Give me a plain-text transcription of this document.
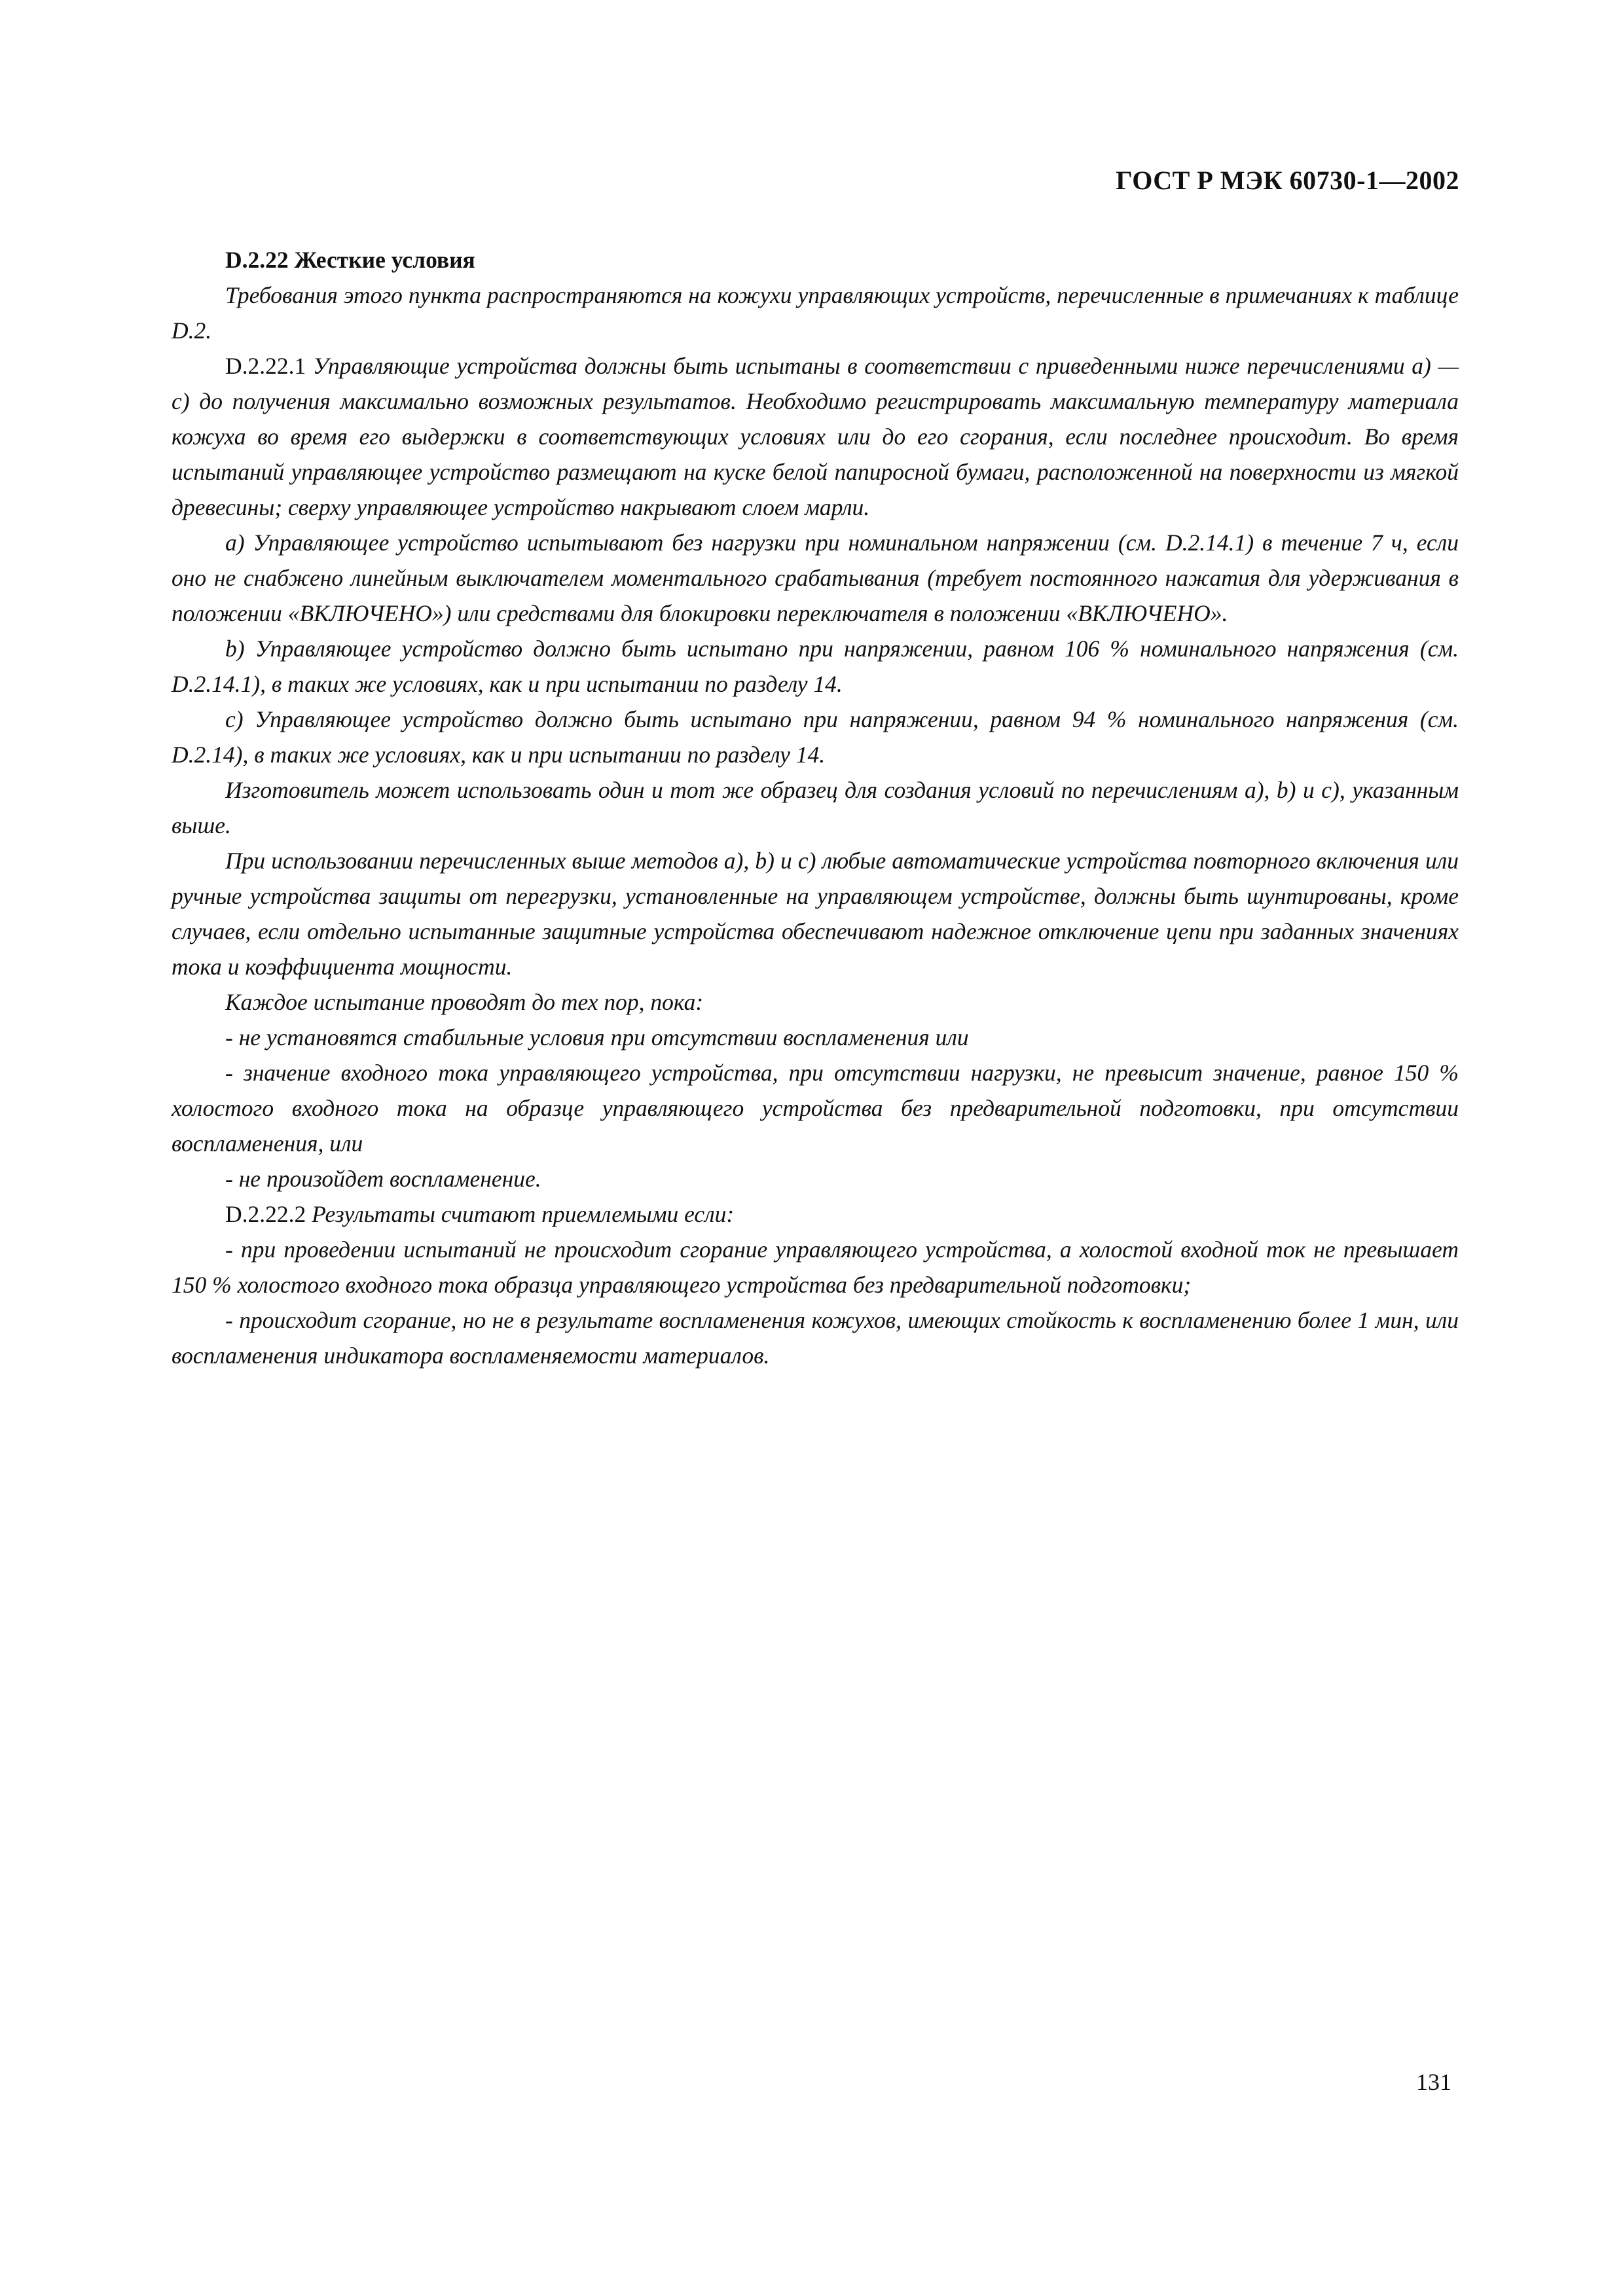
ГОСТ Р МЭК 60730-1—2002

D.2.22 Жесткие условия

Требования этого пункта распространяются на кожухи управляющих устройств, перечисленные в примечаниях к таблице D.2.

D.2.22.1 Управляющие устройства должны быть испытаны в соответствии с приведенными ниже перечислениями а) — с) до получения максимально возможных результатов. Необходимо регистрировать максимальную температуру материала кожуха во время его выдержки в соответствующих условиях или до его сгорания, если последнее происходит. Во время испытаний управляющее устройство размещают на куске белой папиросной бумаги, расположенной на поверхности из мягкой древесины; сверху управляющее устройство накрывают слоем марли.

а) Управляющее устройство испытывают без нагрузки при номинальном напряжении (см. D.2.14.1) в течение 7 ч, если оно не снабжено линейным выключателем моментального срабатывания (требует постоянного нажатия для удерживания в положении «ВКЛЮЧЕНО») или средствами для блокировки переключателя в положении «ВКЛЮЧЕНО».

b) Управляющее устройство должно быть испытано при напряжении, равном 106 % номинального напряжения (см. D.2.14.1), в таких же условиях, как и при испытании по разделу 14.

с) Управляющее устройство должно быть испытано при напряжении, равном 94 % номинального напряжения (см. D.2.14), в таких же условиях, как и при испытании по разделу 14.

Изготовитель может использовать один и тот же образец для создания условий по перечислениям а), b) и с), указанным выше.

При использовании перечисленных выше методов а), b) и с) любые автоматические устройства повторного включения или ручные устройства защиты от перегрузки, установленные на управляющем устройстве, должны быть шунтированы, кроме случаев, если отдельно испытанные защитные устройства обеспечивают надежное отключение цепи при заданных значениях тока и коэффициента мощности.

Каждое испытание проводят до тех пор, пока:

- не установятся стабильные условия при отсутствии воспламенения или

- значение входного тока управляющего устройства, при отсутствии нагрузки, не превысит значение, равное 150 % холостого входного тока на образце управляющего устройства без предварительной подготовки, при отсутствии воспламенения, или

- не произойдет воспламенение.

D.2.22.2 Результаты считают приемлемыми если:

- при проведении испытаний не происходит сгорание управляющего устройства, а холостой входной ток не превышает 150 % холостого входного тока образца управляющего устройства без предварительной подготовки;

- происходит сгорание, но не в результате воспламенения кожухов, имеющих стойкость к воспламенению более 1 мин, или воспламенения индикатора воспламеняемости материалов.

131
